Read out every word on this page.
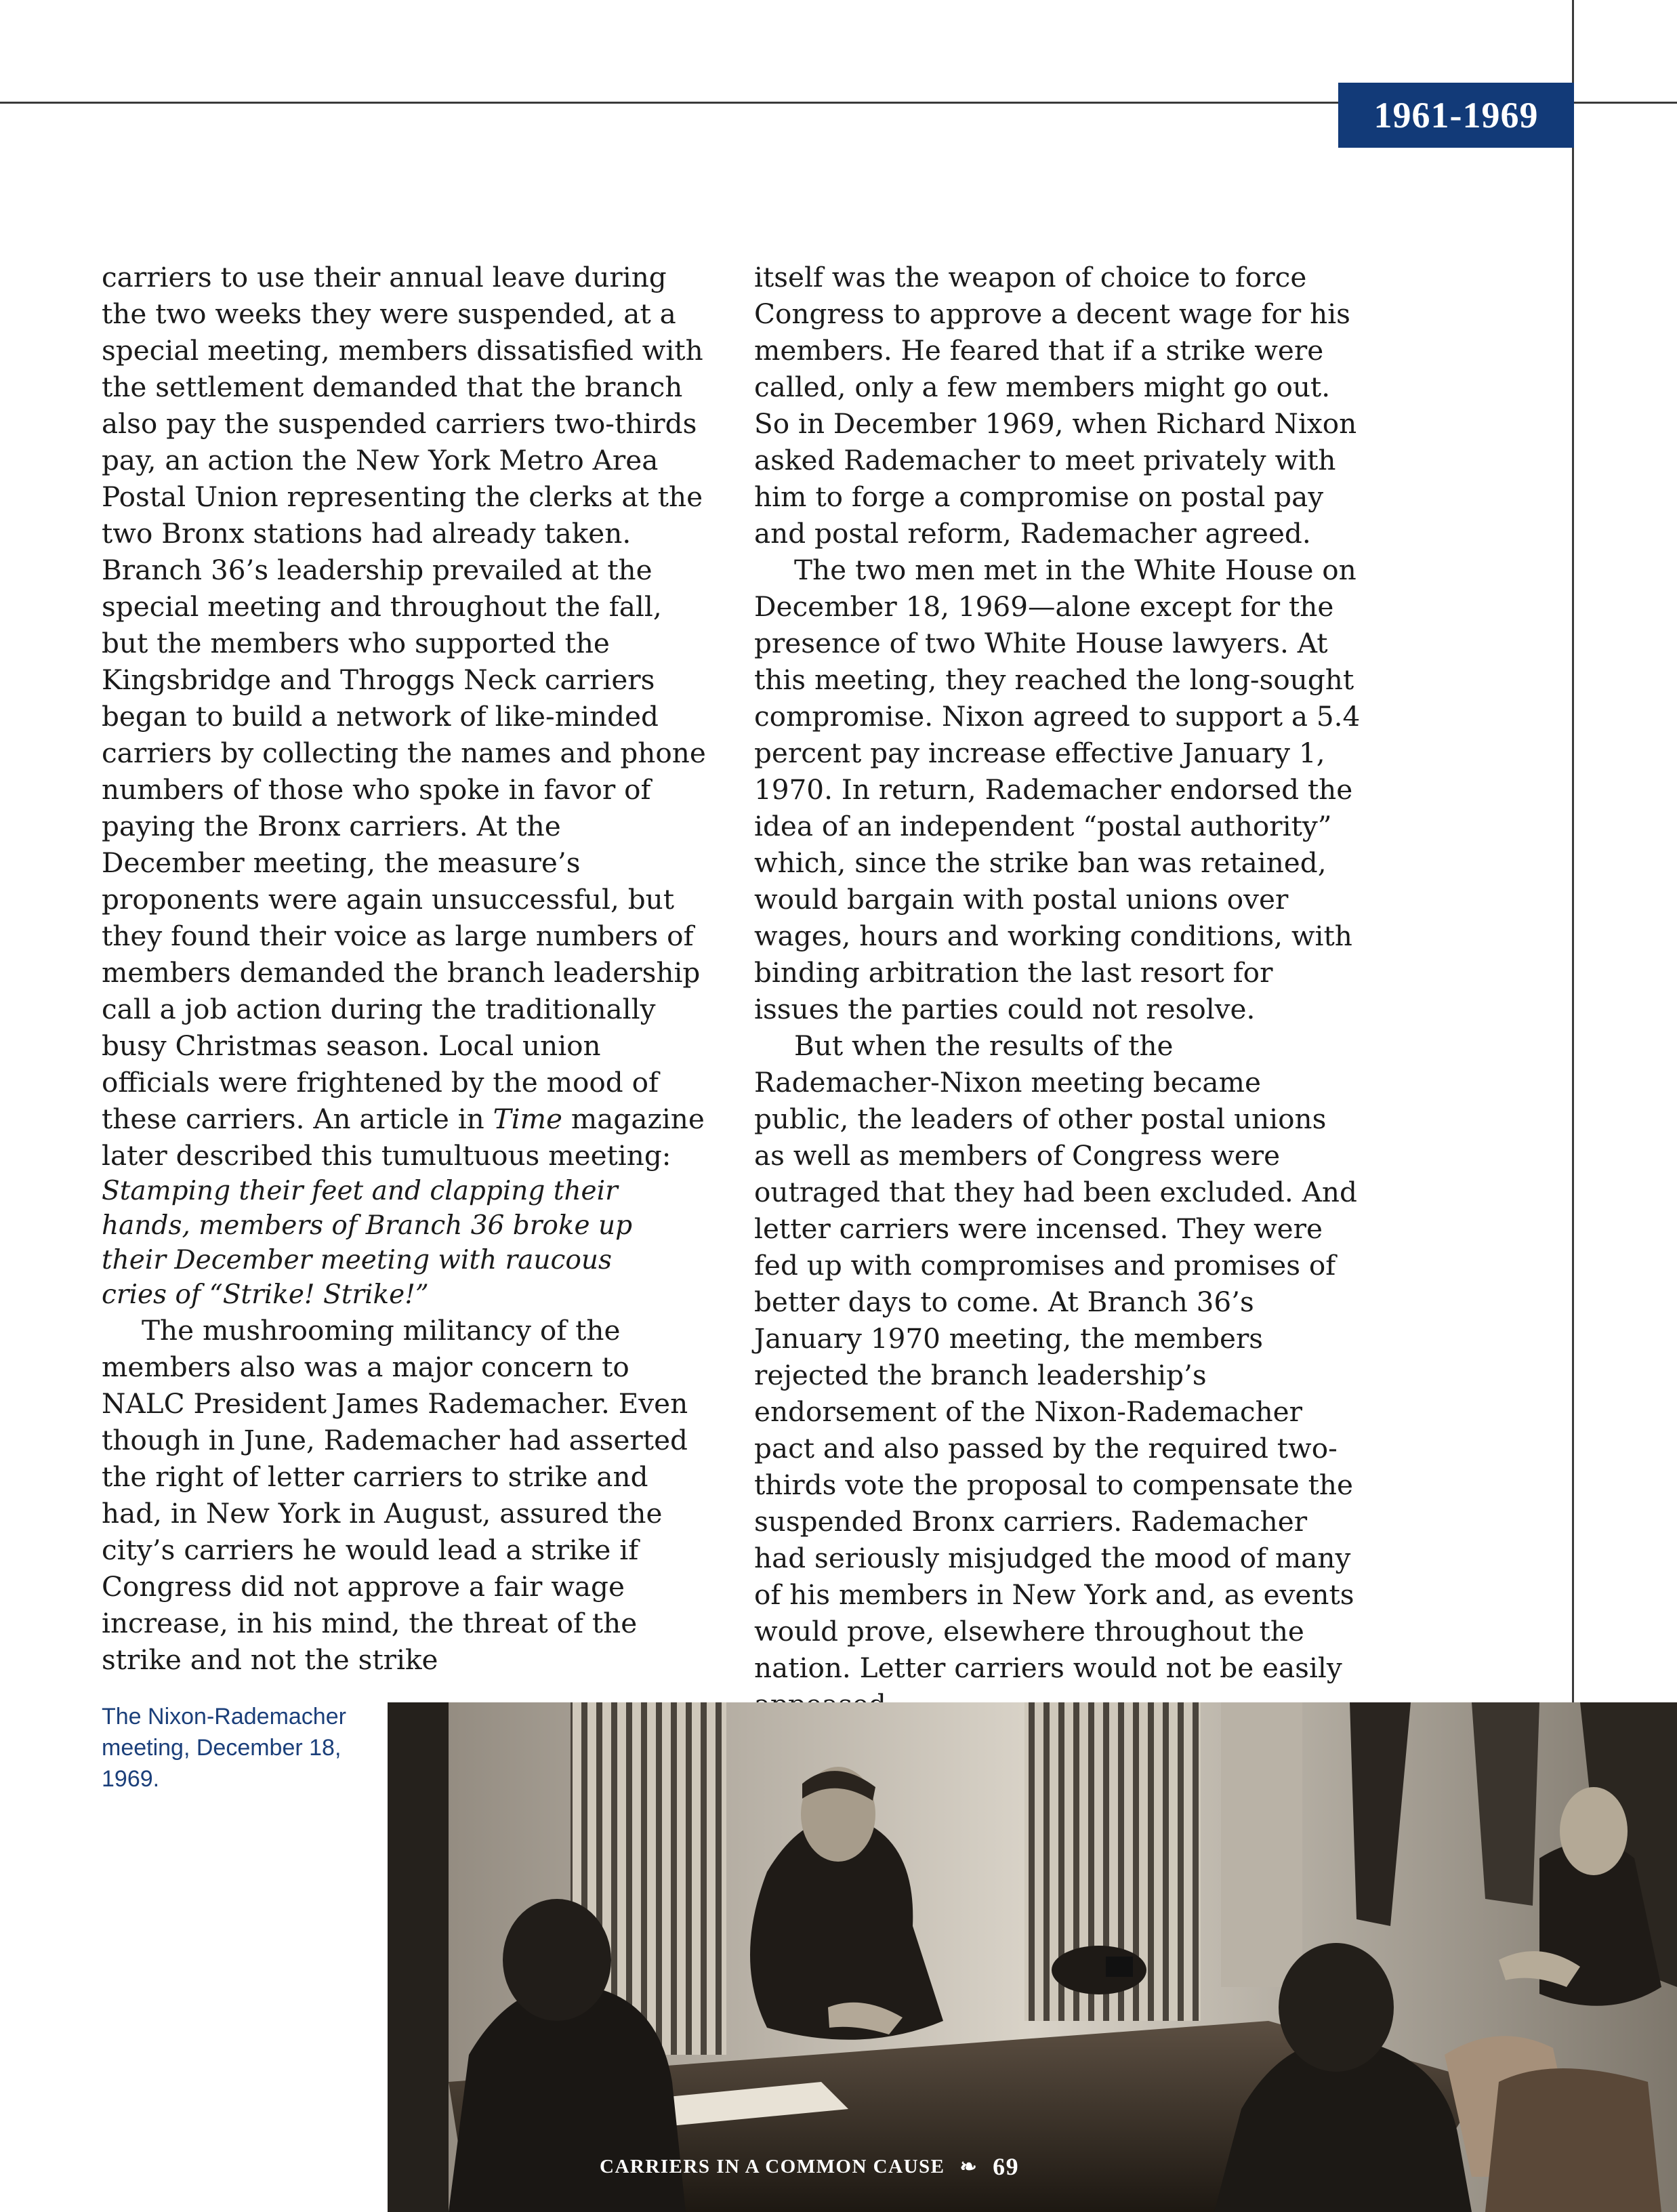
1961-1969

carriers to use their annual leave during the two weeks they were suspended, at a special meeting, members dissatisfied with the settlement demanded that the branch also pay the suspended carriers two-thirds pay, an action the New York Metro Area Postal Union representing the clerks at the two Bronx stations had already taken. Branch 36’s leadership prevailed at the special meeting and throughout the fall, but the members who supported the Kingsbridge and Throggs Neck carriers began to build a network of like-minded carriers by collecting the names and phone numbers of those who spoke in favor of paying the Bronx carriers. At the December meeting, the measure’s proponents were again unsuccessful, but they found their voice as large numbers of members demanded the branch leadership call a job action during the traditionally busy Christmas season. Local union officials were frightened by the mood of these carriers. An article in Time magazine later described this tumultuous meeting:

Stamping their feet and clapping their hands, members of Branch 36 broke up their December meeting with raucous cries of “Strike! Strike!”

The mushrooming militancy of the members also was a major concern to NALC President James Rademacher. Even though in June, Rademacher had asserted the right of letter carriers to strike and had, in New York in August, assured the city’s carriers he would lead a strike if Congress did not approve a fair wage increase, in his mind, the threat of the strike and not the strike

itself was the weapon of choice to force Congress to approve a decent wage for his members. He feared that if a strike were called, only a few members might go out. So in December 1969, when Richard Nixon asked Rademacher to meet privately with him to forge a compromise on postal pay and postal reform, Rademacher agreed.

The two men met in the White House on December 18, 1969—alone except for the presence of two White House lawyers. At this meeting, they reached the long-sought compromise. Nixon agreed to support a 5.4 percent pay increase effective January 1, 1970. In return, Rademacher endorsed the idea of an independent “postal authority” which, since the strike ban was retained, would bargain with postal unions over wages, hours and working conditions, with binding arbitration the last resort for issues the parties could not resolve.

But when the results of the Rademacher-Nixon meeting became public, the leaders of other postal unions as well as members of Congress were outraged that they had been excluded. And letter carriers were incensed. They were fed up with compromises and promises of better days to come. At Branch 36’s January 1970 meeting, the members rejected the branch leadership’s endorsement of the Nixon-Rademacher pact and also passed by the required two-thirds vote the proposal to compensate the suspended Bronx carriers. Rademacher had seriously misjudged the mood of many of his members in New York and, as events would prove, elsewhere throughout the nation. Letter carriers would not be easily

The Nixon-Rademacher meeting, December 18, 1969.
CARRIERS IN A COMMON CAUSE ❧ 69
